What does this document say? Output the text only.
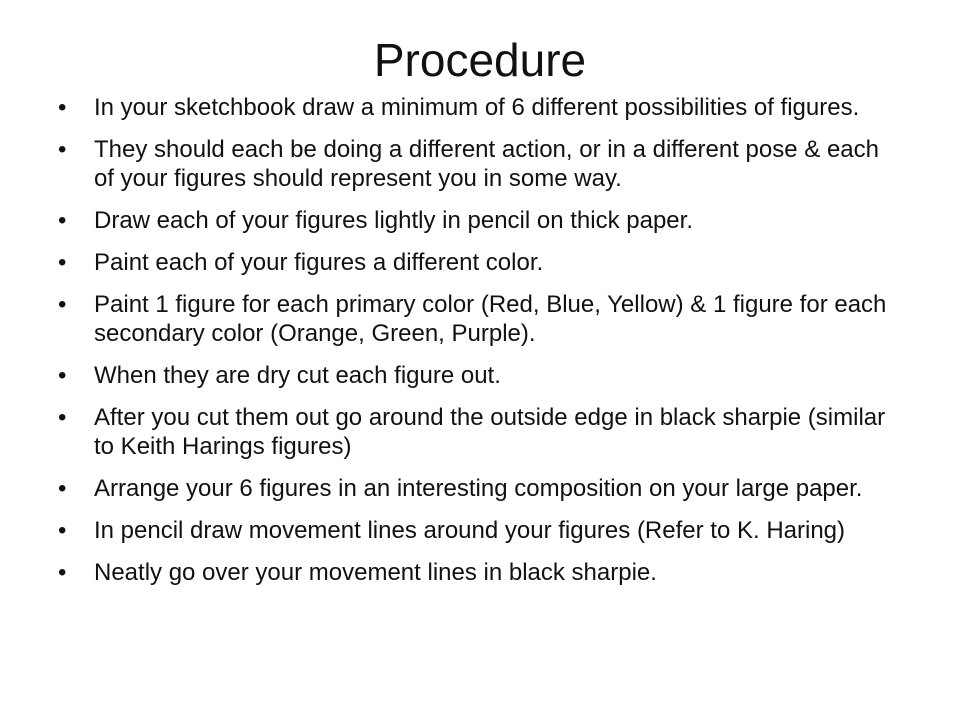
Procedure
•	In your sketchbook draw a minimum of 6 different possibilities of figures.
•	They should each be doing a different action, or in a different pose & each of your figures should represent you in some way.
•	Draw each of your figures lightly in pencil on thick paper.
•	Paint each of your figures a different color.
•	Paint 1 figure for each primary color (Red, Blue, Yellow) & 1 figure for each secondary color (Orange, Green, Purple).
•	When they are dry cut each figure out.
•	After you cut them out go around the outside edge in black sharpie (similar to Keith Harings figures)
•	Arrange your 6 figures in an interesting composition on your large paper.
•	In pencil draw movement lines around your figures (Refer to K. Haring)
•	Neatly go over your movement lines in black sharpie.
